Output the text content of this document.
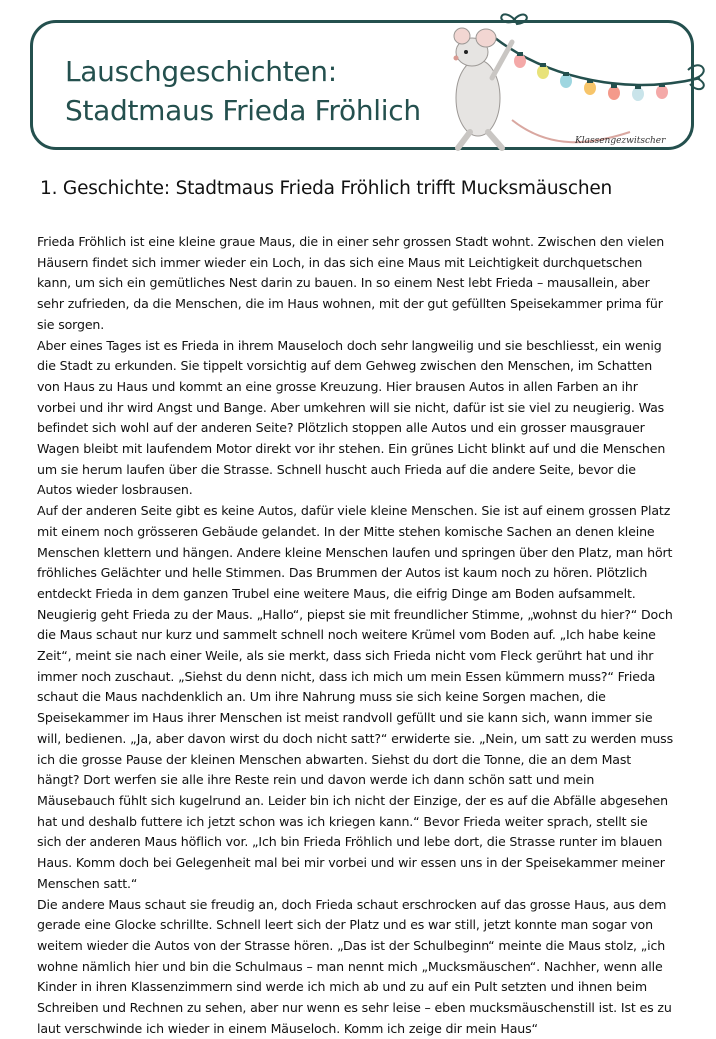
Lauschgeschichten:
Stadtmaus Frieda Fröhlich
Klassengezwitscher
1. Geschichte: Stadtmaus Frieda Fröhlich trifft Mucksmäuschen

Frieda Fröhlich ist eine kleine graue Maus, die in einer sehr grossen Stadt wohnt. Zwischen den vielen Häusern findet sich immer wieder ein Loch, in das sich eine Maus mit Leichtigkeit durchquetschen kann, um sich ein gemütliches Nest darin zu bauen. In so einem Nest lebt Frieda – mausallein, aber sehr zufrieden, da die Menschen, die im Haus wohnen, mit der gut gefüllten Speisekammer prima für sie sorgen.

Aber eines Tages ist es Frieda in ihrem Mauseloch doch sehr langweilig und sie beschliesst, ein wenig die Stadt zu erkunden. Sie tippelt vorsichtig auf dem Gehweg zwischen den Menschen, im Schatten von Haus zu Haus und kommt an eine grosse Kreuzung. Hier brausen Autos in allen Farben an ihr vorbei und ihr wird Angst und Bange. Aber umkehren will sie nicht, dafür ist sie viel zu neugierig. Was befindet sich wohl auf der anderen Seite? Plötzlich stoppen alle Autos und ein grosser mausgrauer Wagen bleibt mit laufendem Motor direkt vor ihr stehen. Ein grünes Licht blinkt auf und die Menschen um sie herum laufen über die Strasse. Schnell huscht auch Frieda auf die andere Seite, bevor die Autos wieder losbrausen.

Auf der anderen Seite gibt es keine Autos, dafür viele kleine Menschen. Sie ist auf einem grossen Platz mit einem noch grösseren Gebäude gelandet. In der Mitte stehen komische Sachen an denen kleine Menschen klettern und hängen. Andere kleine Menschen laufen und springen über den Platz, man hört fröhliches Gelächter und helle Stimmen. Das Brummen der Autos ist kaum noch zu hören. Plötzlich entdeckt Frieda in dem ganzen Trubel eine weitere Maus, die eifrig Dinge am Boden aufsammelt. Neugierig geht Frieda zu der Maus. „Hallo“, piepst sie mit freundlicher Stimme, „wohnst du hier?“ Doch die Maus schaut nur kurz und sammelt schnell noch weitere Krümel vom Boden auf. „Ich habe keine Zeit“, meint sie nach einer Weile, als sie merkt, dass sich Frieda nicht vom Fleck gerührt hat und ihr immer noch zuschaut. „Siehst du denn nicht, dass ich mich um mein Essen kümmern muss?“ Frieda schaut die Maus nachdenklich an. Um ihre Nahrung muss sie sich keine Sorgen machen, die Speisekammer im Haus ihrer Menschen ist meist randvoll gefüllt und sie kann sich, wann immer sie will, bedienen. „Ja, aber davon wirst du doch nicht satt?“ erwiderte sie. „Nein, um satt zu werden muss ich die grosse Pause der kleinen Menschen abwarten. Siehst du dort die Tonne, die an dem Mast hängt? Dort werfen sie alle ihre Reste rein und davon werde ich dann schön satt und mein Mäusebauch fühlt sich kugelrund an. Leider bin ich nicht der Einzige, der es auf die Abfälle abgesehen hat und deshalb futtere ich jetzt schon was ich kriegen kann.“ Bevor Frieda weiter sprach, stellt sie sich der anderen Maus höflich vor. „Ich bin Frieda Fröhlich und lebe dort, die Strasse runter im blauen Haus. Komm doch bei Gelegenheit mal bei mir vorbei und wir essen uns in der Speisekammer meiner Menschen satt.“

Die andere Maus schaut sie freudig an, doch Frieda schaut erschrocken auf das grosse Haus, aus dem gerade eine Glocke schrillte. Schnell leert sich der Platz und es war still, jetzt konnte man sogar von weitem wieder die Autos von der Strasse hören. „Das ist der Schulbeginn“ meinte die Maus stolz, „ich wohne nämlich hier und bin die Schulmaus – man nennt mich „Mucksmäuschen“. Nachher, wenn alle Kinder in ihren Klassenzimmern sind werde ich mich ab und zu auf ein Pult setzten und ihnen beim Schreiben und Rechnen zu sehen, aber nur wenn es sehr leise – eben mucksmäuschenstill ist. Ist es zu laut verschwinde ich wieder in einem Mäuseloch. Komm ich zeige dir mein Haus“
